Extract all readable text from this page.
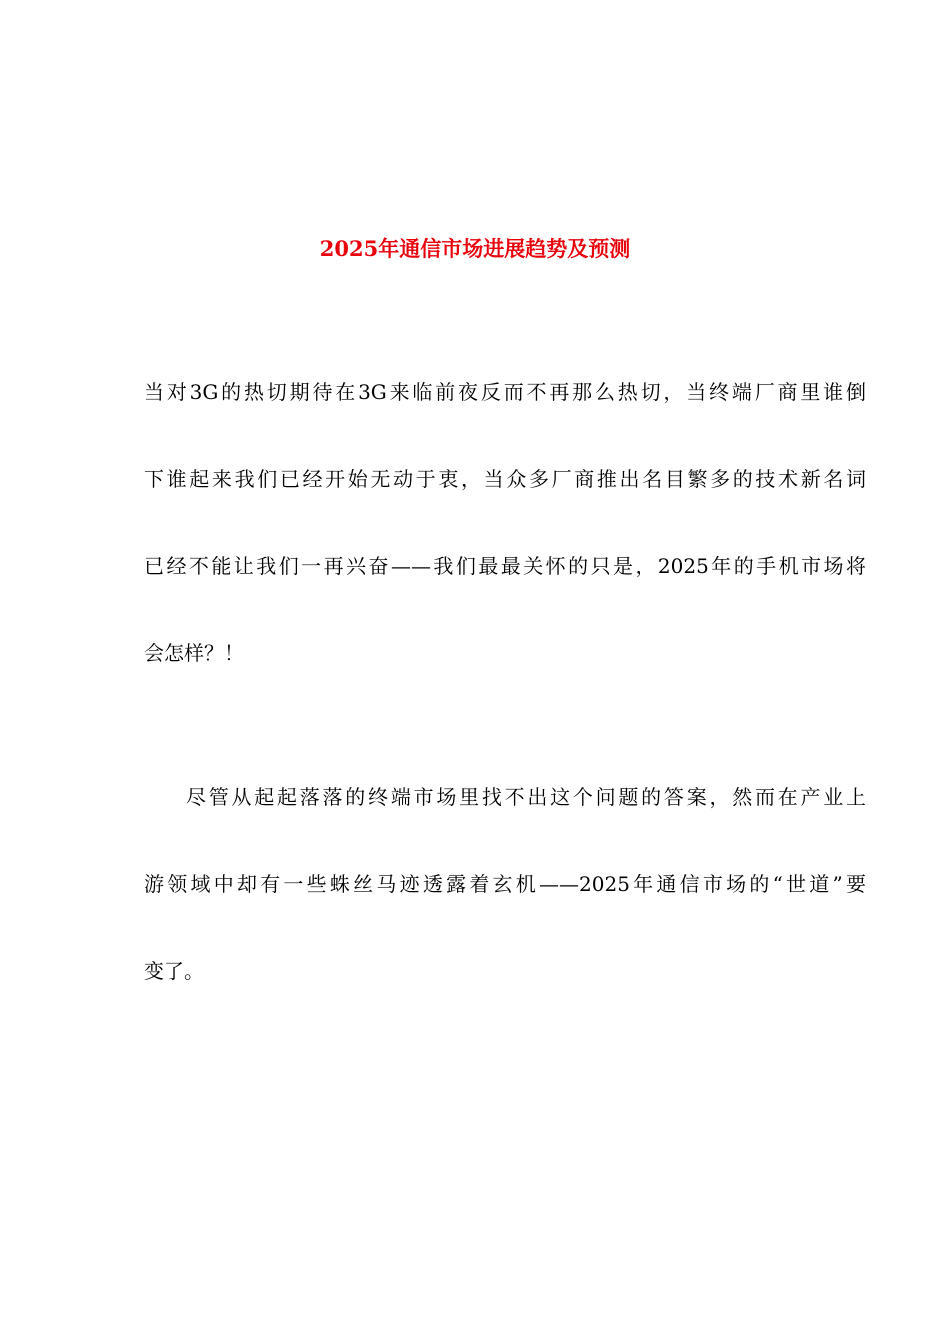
2025年通信市场进展趋势及预测
当对3G的热切期待在3G来临前夜反而不再那么热切，当终端厂商里谁倒
下谁起来我们已经开始无动于衷，当众多厂商推出名目繁多的技术新名词
已经不能让我们一再兴奋——我们最最关怀的只是，2025年的手机市场将
会怎样？！
尽管从起起落落的终端市场里找不出这个问题的答案，然而在产业上
游领域中却有一些蛛丝马迹透露着玄机——2025年通信市场的“世道”要
变了。
